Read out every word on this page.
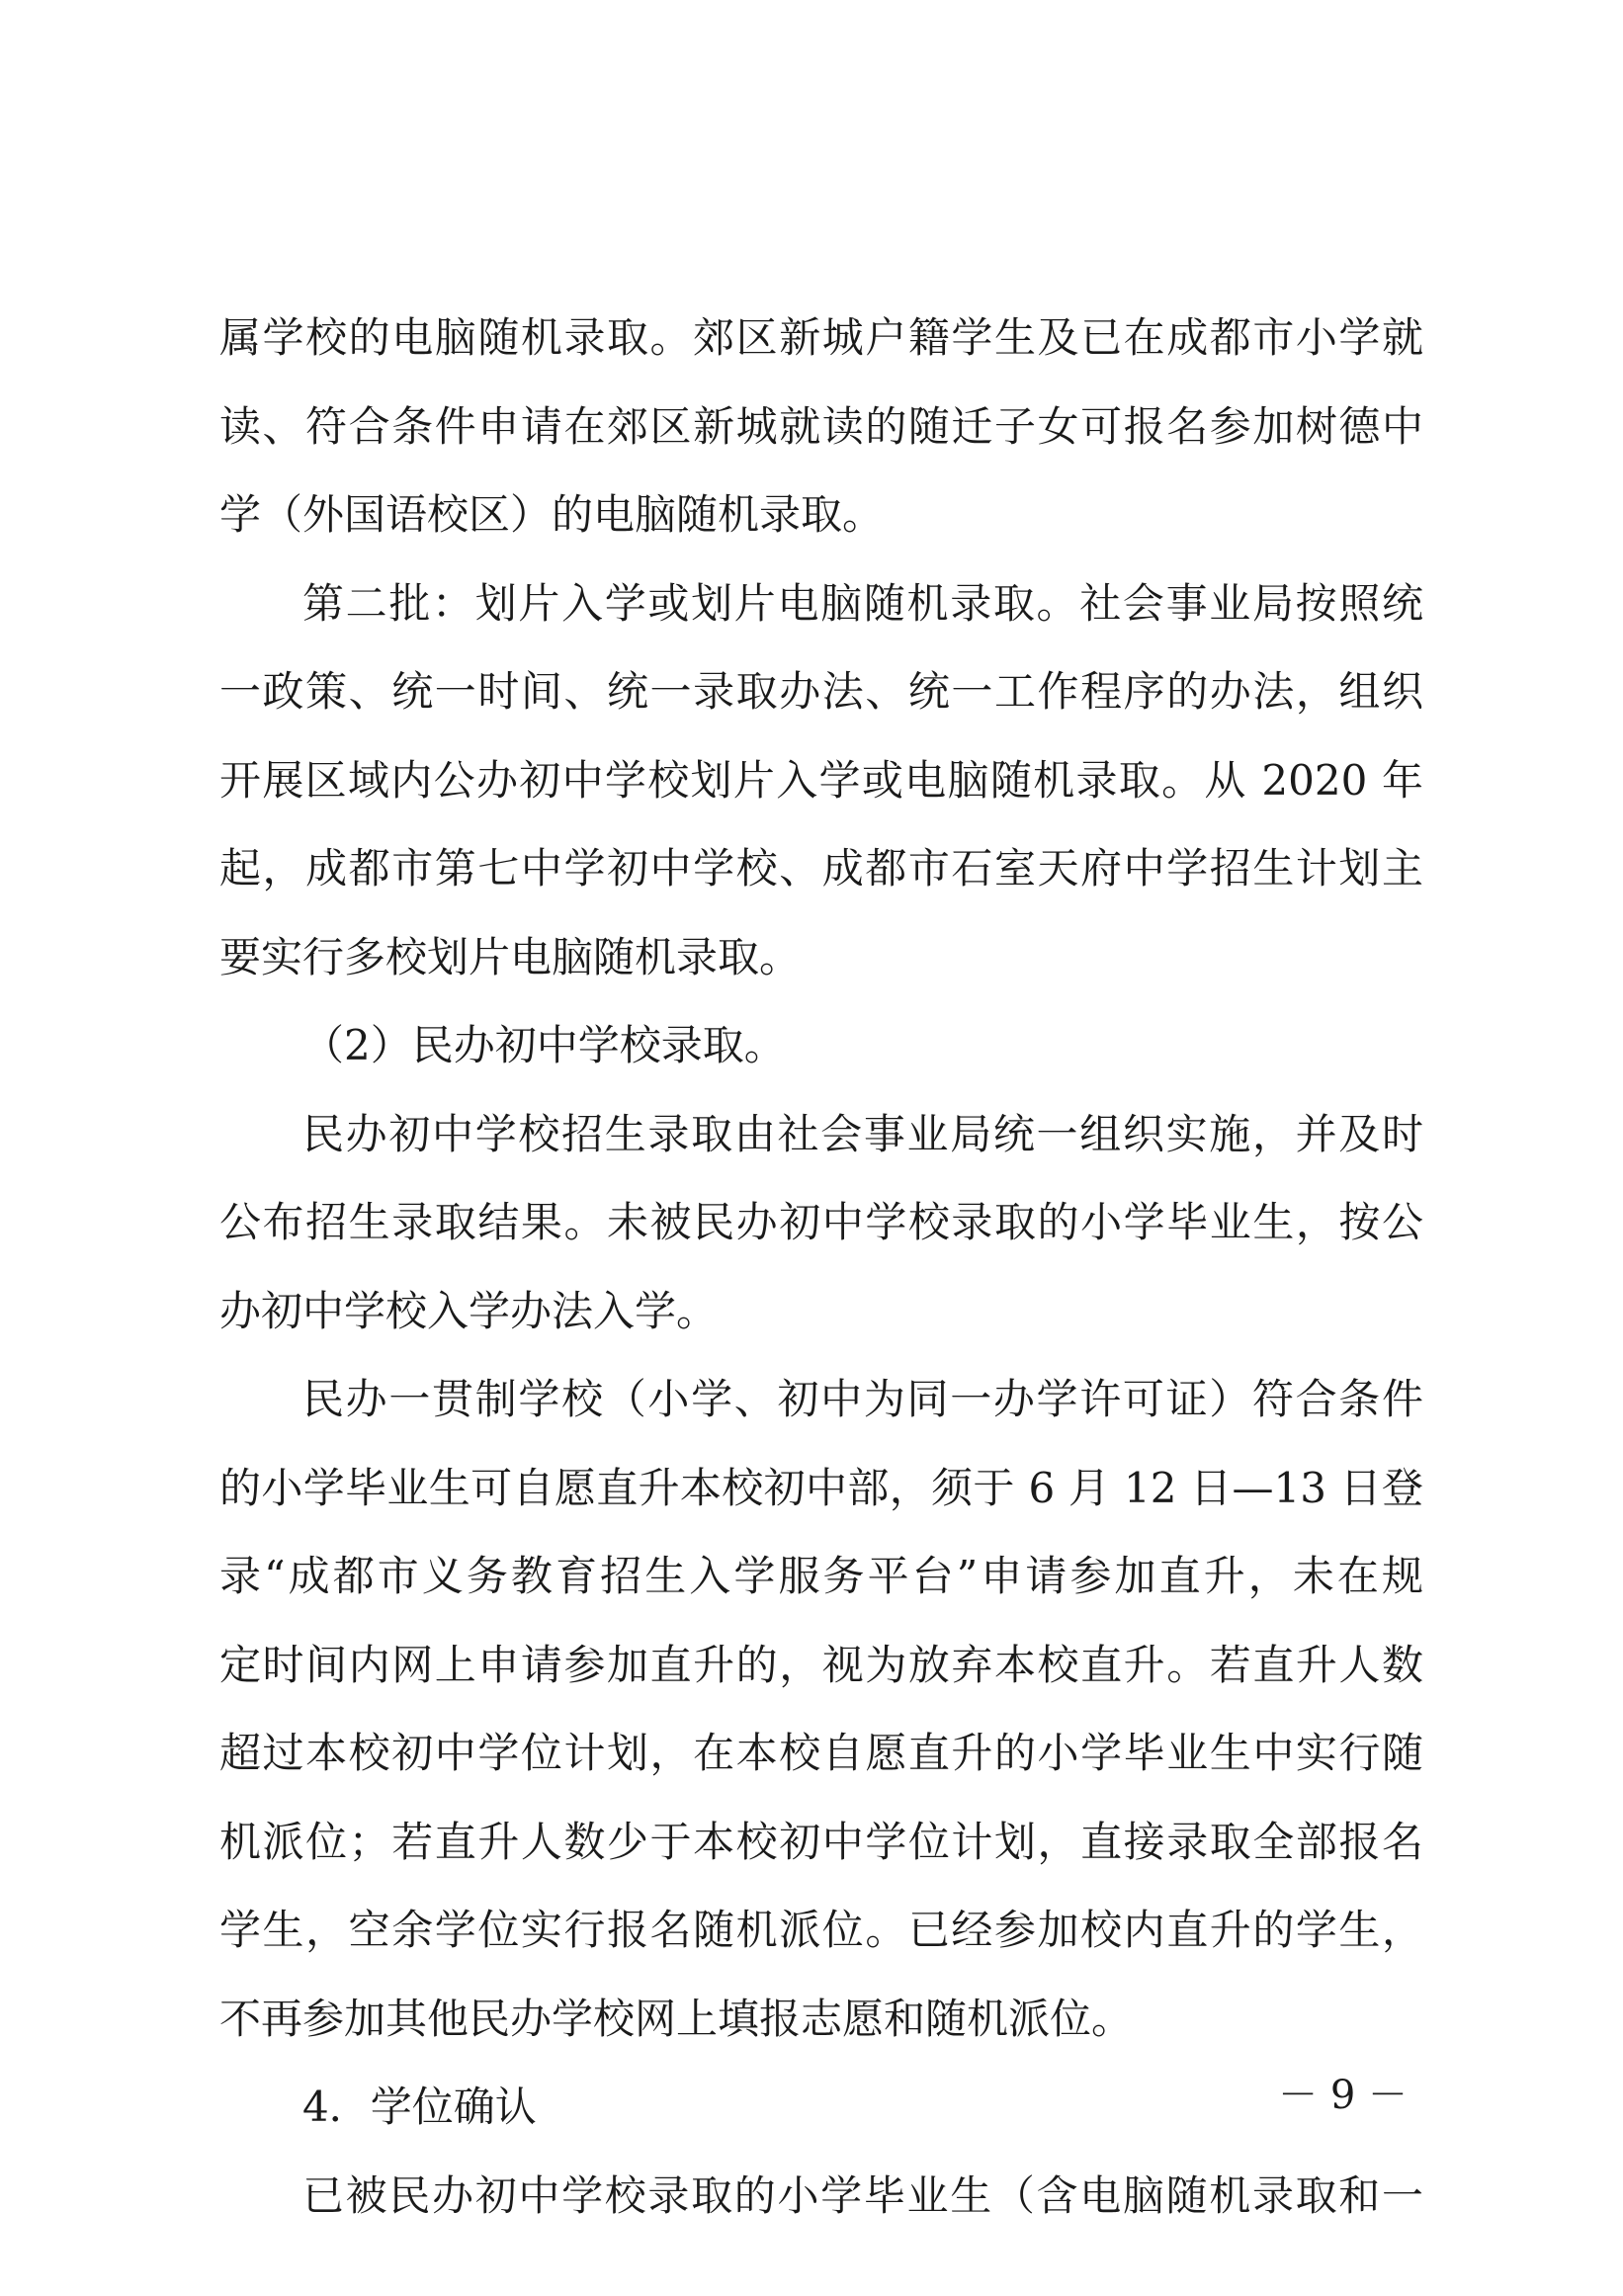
属学校的电脑随机录取。郊区新城户籍学生及已在成都市小学就
读、符合条件申请在郊区新城就读的随迁子女可报名参加树德中
学（外国语校区）的电脑随机录取。
第二批：划片入学或划片电脑随机录取。社会事业局按照统
一政策、统一时间、统一录取办法、统一工作程序的办法，组织
开展区域内公办初中学校划片入学或电脑随机录取。从 2020 年
起，成都市第七中学初中学校、成都市石室天府中学招生计划主
要实行多校划片电脑随机录取。
（2）民办初中学校录取。
民办初中学校招生录取由社会事业局统一组织实施，并及时
公布招生录取结果。未被民办初中学校录取的小学毕业生，按公
办初中学校入学办法入学。
民办一贯制学校（小学、初中为同一办学许可证）符合条件
的小学毕业生可自愿直升本校初中部，须于 6 月 12 日—13 日登
录“成都市义务教育招生入学服务平台”申请参加直升，未在规
定时间内网上申请参加直升的，视为放弃本校直升。若直升人数
超过本校初中学位计划，在本校自愿直升的小学毕业生中实行随
机派位；若直升人数少于本校初中学位计划，直接录取全部报名
学生，空余学位实行报名随机派位。已经参加校内直升的学生，
不再参加其他民办学校网上填报志愿和随机派位。
4．学位确认
已被民办初中学校录取的小学毕业生（含电脑随机录取和一
－ 9 －
